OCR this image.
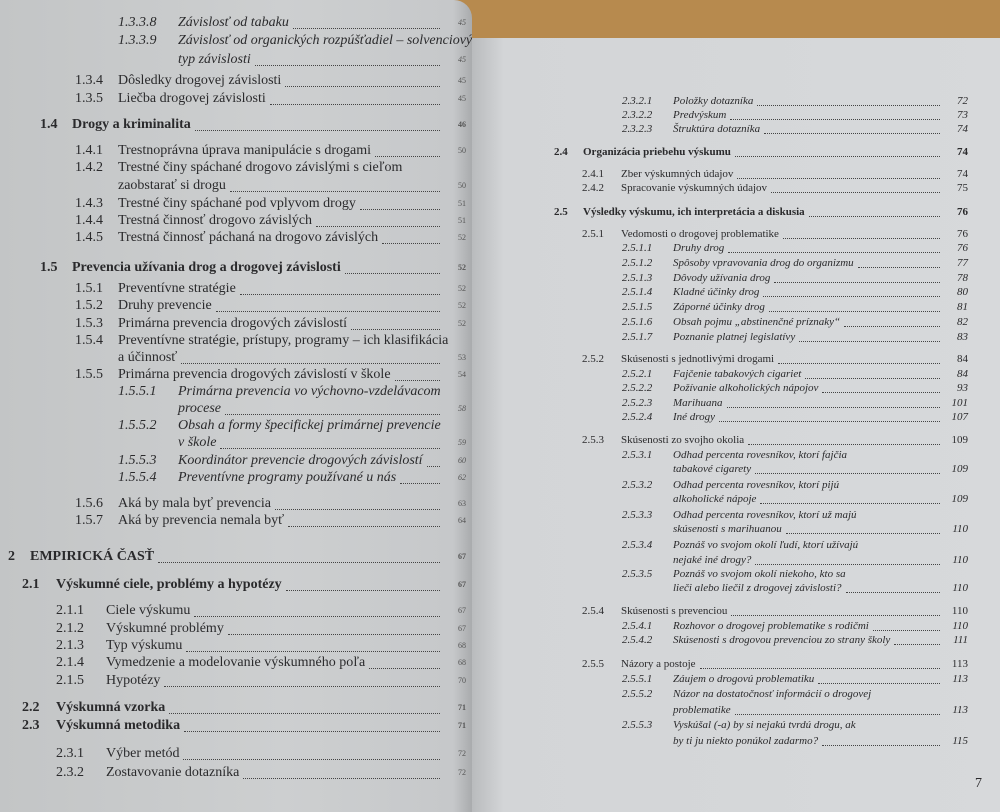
1.3.3.8 Závislosť od tabaku	45
1.3.3.9 Závislosť od organických rozpúšťadiel – solvenciový
typ závislosti	45
1.3.4 Dôsledky drogovej závislosti	45
1.3.5 Liečba drogovej závislosti	45
1.4 Drogy a kriminalita	46
1.4.1 Trestnoprávna úprava manipulácie s drogami	50
1.4.2 Trestné činy spáchané drogovo závislými s cieľom
zaobstarať si drogu	50
1.4.3 Trestné činy spáchané pod vplyvom drogy	51
1.4.4 Trestná činnosť drogovo závislých	51
1.4.5 Trestná činnosť páchaná na drogovo závislých	52
1.5 Prevencia užívania drog a drogovej závislosti	52
1.5.1 Preventívne stratégie	52
1.5.2 Druhy prevencie	52
1.5.3 Primárna prevencia drogových závislostí	52
1.5.4 Preventívne stratégie, prístupy, programy – ich klasifikácia
a účinnosť	53
1.5.5 Primárna prevencia drogových závislostí v škole	54
1.5.5.1 Primárna prevencia vo výchovno-vzdelávacom
procese	58
1.5.5.2 Obsah a formy špecifickej primárnej prevencie
v škole	59
1.5.5.3 Koordinátor prevencie drogových závislostí	60
1.5.5.4 Preventívne programy používané u nás	62
1.5.6 Aká by mala byť prevencia	63
1.5.7 Aká by prevencia nemala byť	64
2 EMPIRICKÁ ČASŤ	67
2.1 Výskumné ciele, problémy a hypotézy	67
2.1.1 Ciele výskumu	67
2.1.2 Výskumné problémy	67
2.1.3 Typ výskumu	68
2.1.4 Vymedzenie a modelovanie výskumného poľa	68
2.1.5 Hypotézy	70
2.2 Výskumná vzorka	71
2.3 Výskumná metodika	71
2.3.1 Výber metód	72
2.3.2 Zostavovanie dotazníka	72
7
2.3.2.1 Položky dotazníka	72
2.3.2.2 Predvýskum	73
2.3.2.3 Štruktúra dotazníka	74
2.4 Organizácia priebehu výskumu	74
2.4.1 Zber výskumných údajov	74
2.4.2 Spracovanie výskumných údajov	75
2.5 Výsledky výskumu, ich interpretácia a diskusia	76
2.5.1 Vedomosti o drogovej problematike	76
2.5.1.1 Druhy drog	76
2.5.1.2 Spôsoby vpravovania drog do organizmu	77
2.5.1.3 Dôvody užívania drog	78
2.5.1.4 Kladné účinky drog	80
2.5.1.5 Záporné účinky drog	81
2.5.1.6 Obsah pojmu „abstinenčné príznaky“	82
2.5.1.7 Poznanie platnej legislatívy	83
2.5.2 Skúsenosti s jednotlivými drogami	84
2.5.2.1 Fajčenie tabakových cigariet	84
2.5.2.2 Požívanie alkoholických nápojov	93
2.5.2.3 Marihuana	101
2.5.2.4 Iné drogy	107
2.5.3 Skúsenosti zo svojho okolia	109
2.5.3.1 Odhad percenta rovesníkov, ktorí fajčia
tabakové cigarety	109
2.5.3.2 Odhad percenta rovesníkov, ktorí pijú
alkoholické nápoje	109
2.5.3.3 Odhad percenta rovesníkov, ktorí už majú
skúsenosti s marihuanou	110
2.5.3.4 Poznáš vo svojom okolí ľudí, ktorí užívajú
nejaké iné drogy?	110
2.5.3.5 Poznáš vo svojom okolí niekoho, kto sa
lieči alebo liečil z drogovej závislosti?	110
2.5.4 Skúsenosti s prevenciou	110
2.5.4.1 Rozhovor o drogovej problematike s rodičmi	110
2.5.4.2 Skúsenosti s drogovou prevenciou zo strany školy	111
2.5.5 Názory a postoje	113
2.5.5.1 Záujem o drogovú problematiku	113
2.5.5.2 Názor na dostatočnosť informácií o drogovej
problematike	113
2.5.5.3 Vyskúšal (-a) by si nejakú tvrdú drogu, ak
by ti ju niekto ponúkol zadarmo?	115
